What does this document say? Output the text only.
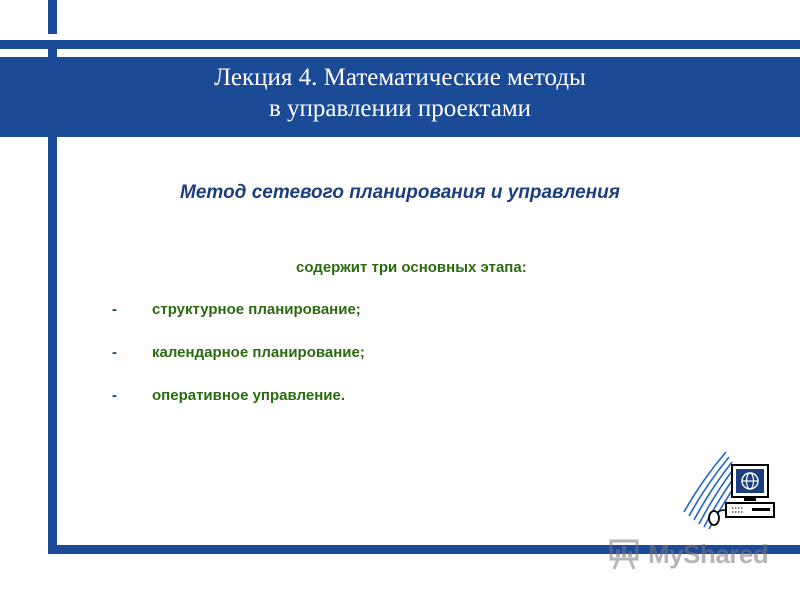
Лекция 4. Математические методы
в управлении проектами
Метод сетевого планирования и управления
содержит три основных этапа:
- структурное планирование;
- календарное планирование;
- оперативное управление.
MyShared
